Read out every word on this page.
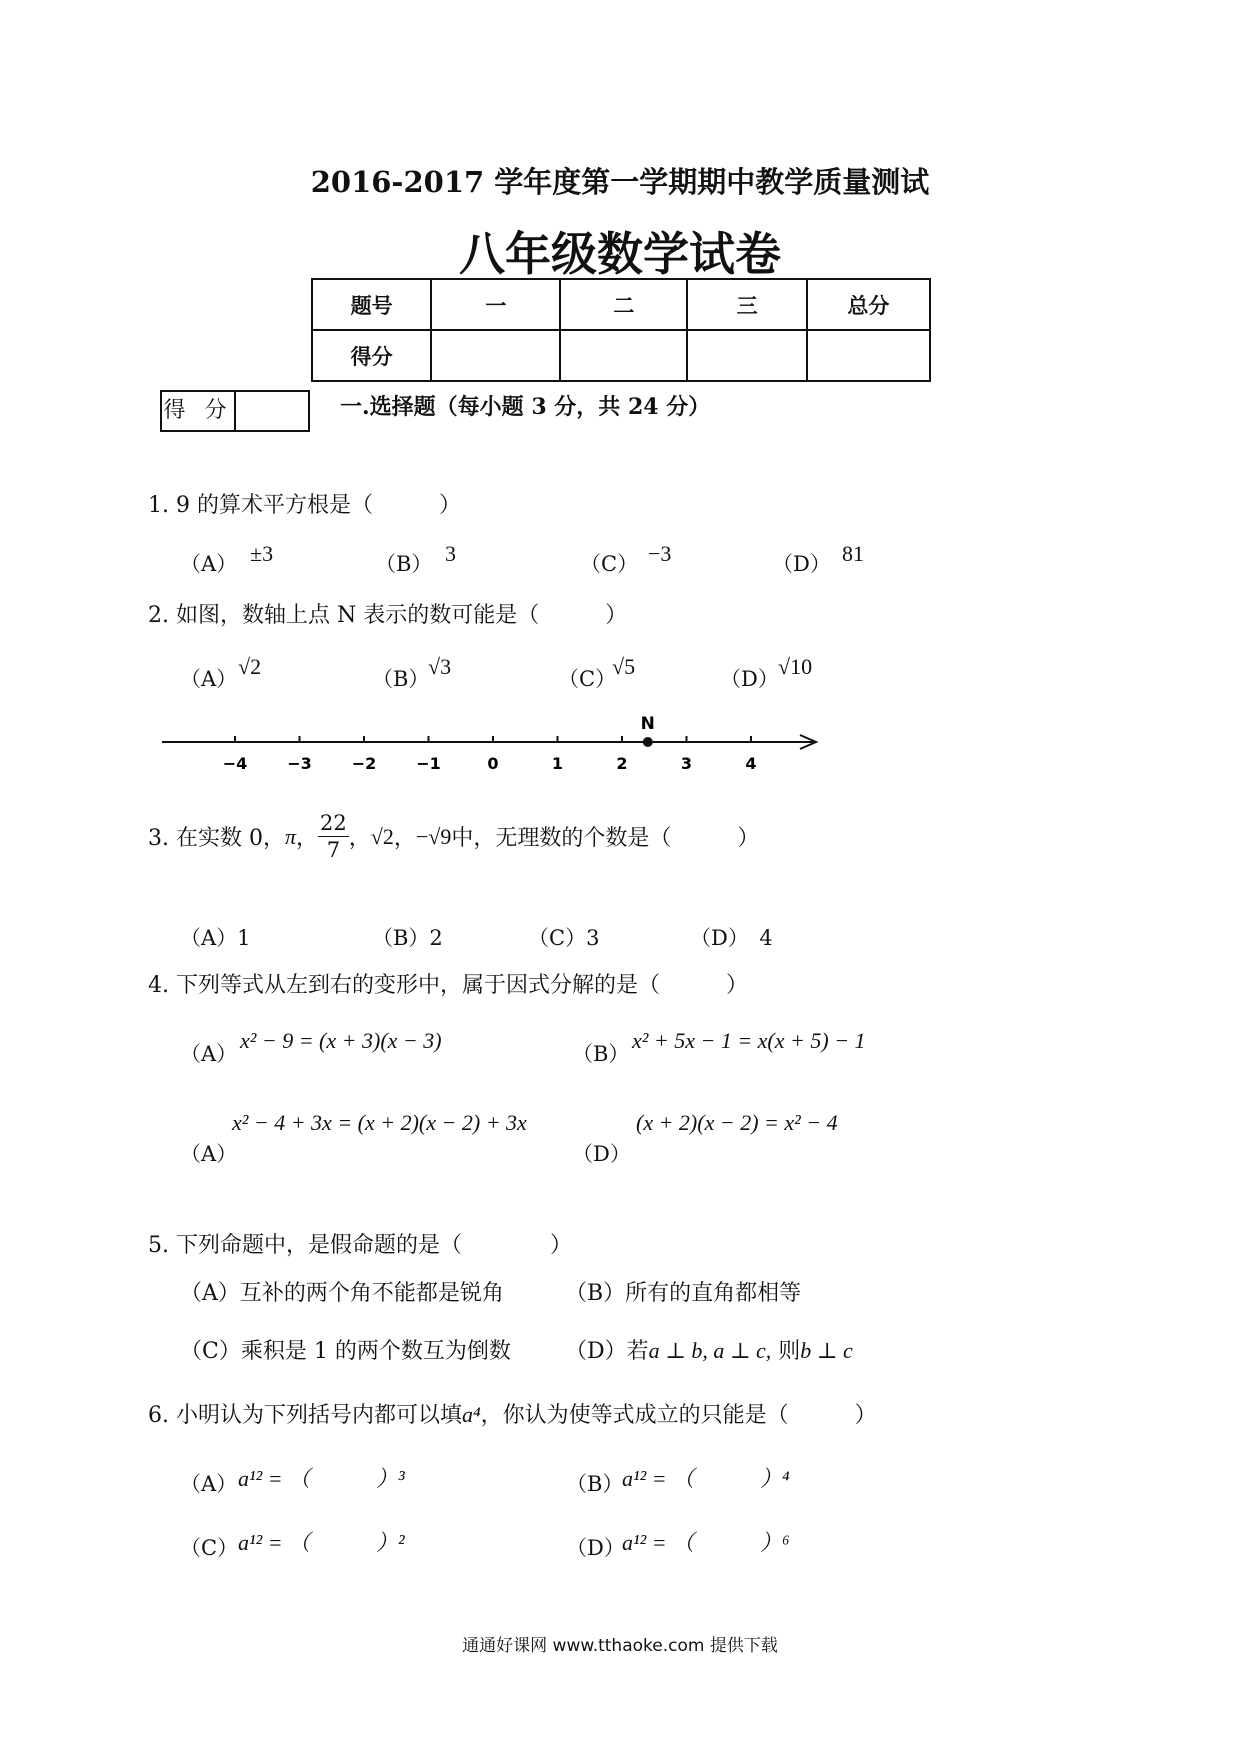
2016-2017 学年度第一学期期中教学质量测试
八年级数学试卷
题号	一	二	三	总分
得分				
得 分	一.选择题（每小题 3 分，共 24 分）
1. 9 的算术平方根是（　　　）
（A） ±3	（B） 3	（C） −3	（D） 81
2. 如图，数轴上点 N 表示的数可能是（　　　）
（A） √2	（B）
√3	（C）
√5	（D） √10
−4 −3 −2 −1	0	1	2	3	4
N
3. 在实数 0， π ， $\frac{22}{7}$ ， √2 ， −√9 中，无理数的个数是（　　　）
（A）1	（B）2	（C）3	（D）　4
4. 下列等式从左到右的变形中，属于因式分解的是（　　　）
（A）
x² − 9 = (x + 3)(x − 3)
（B）
x² + 5x − 1 = x(x + 5) − 1
（A）
x² − 4 + 3x = (x + 2)(x − 2) + 3x
（D）
(x + 2)(x − 2) = x² − 4
5. 下列命题中，是假命题的是（　　　　）
（A）互补的两个角不能都是锐角	（B）所有的直角都相等
（C）乘积是 1 的两个数互为倒数 （D）若a ⊥ b, a ⊥ c, 则b ⊥ c
6. 小明认为下列括号内都可以填a⁴，你认为使等式成立的只能是（　　　）
（A） a¹² = （　　　）³	（B）
a¹² = （　　　）⁴
（C） a¹² = （　　　）²	（D）
a¹² = （　　　）⁶
通通好课网 www.tthaoke.com 提供下载
